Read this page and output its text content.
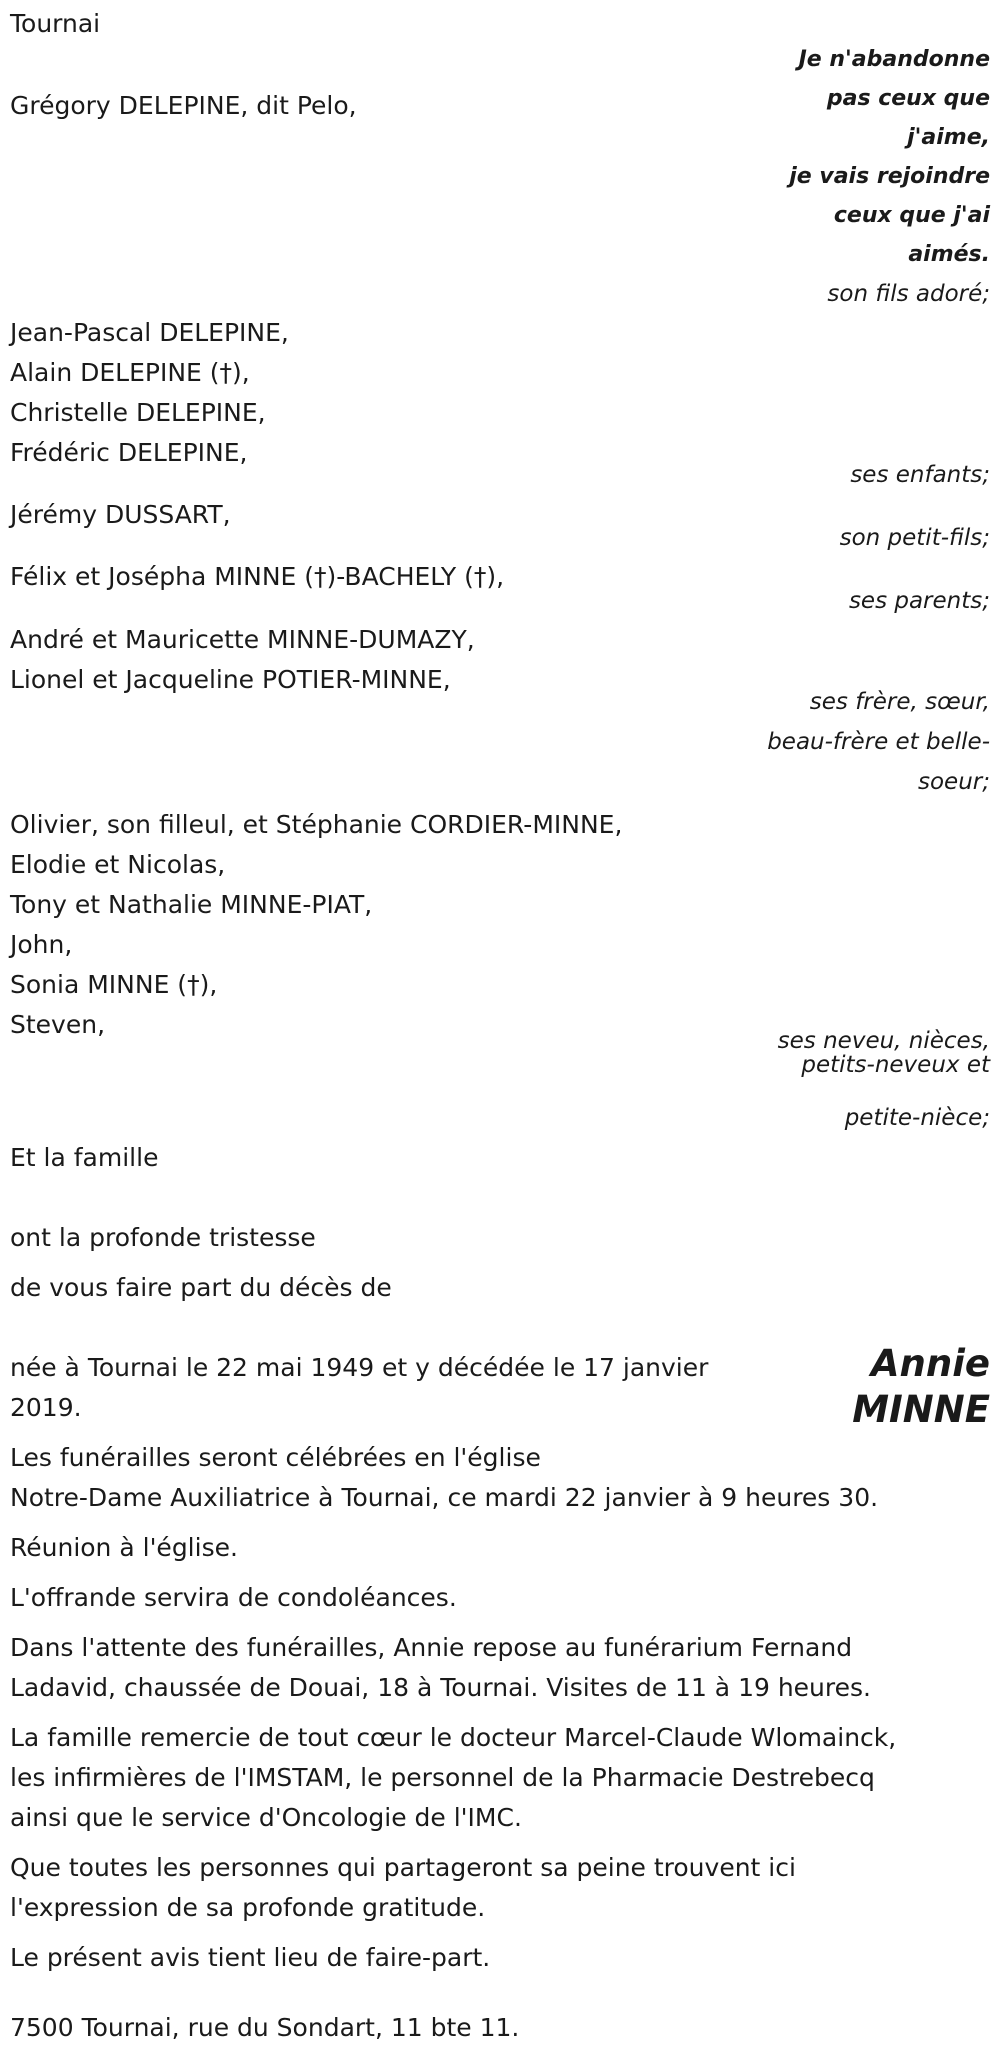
Tournai
Je n'abandonne
pas ceux que
j'aime,
je vais rejoindre
ceux que j'ai
aimés.
son fils adoré;
Grégory DELEPINE, dit Pelo,
Jean-Pascal DELEPINE,
Alain DELEPINE (†),
Christelle DELEPINE,
Frédéric DELEPINE,
ses enfants;
Jérémy DUSSART,
son petit-fils;
Félix et Josépha MINNE (†)-BACHELY (†),
ses parents;
André et Mauricette MINNE-DUMAZY,
Lionel et Jacqueline POTIER-MINNE,
ses frère, sœur,
beau-frère et belle-
soeur;
Olivier, son filleul, et Stéphanie CORDIER-MINNE,
Elodie et Nicolas,
Tony et Nathalie MINNE-PIAT,
John,
Sonia MINNE (†),
Steven,
ses neveu, nièces,
petits-neveux et
petite-nièce;
Et la famille
ont la profonde tristesse
de vous faire part du décès de
Annie
MINNE
née à Tournai le 22 mai 1949 et y décédée le 17 janvier
2019.
Les funérailles seront célébrées en l'église
Notre-Dame Auxiliatrice à Tournai, ce mardi 22 janvier à 9 heures 30.
Réunion à l'église.
L'offrande servira de condoléances.
Dans l'attente des funérailles, Annie repose au funérarium Fernand
Ladavid, chaussée de Douai, 18 à Tournai. Visites de 11 à 19 heures.
La famille remercie de tout cœur le docteur Marcel-Claude Wlomainck,
les infirmières de l'IMSTAM, le personnel de la Pharmacie Destrebecq
ainsi que le service d'Oncologie de l'IMC.
Que toutes les personnes qui partageront sa peine trouvent ici
l'expression de sa profonde gratitude.
Le présent avis tient lieu de faire-part.
7500 Tournai, rue du Sondart, 11 bte 11.
